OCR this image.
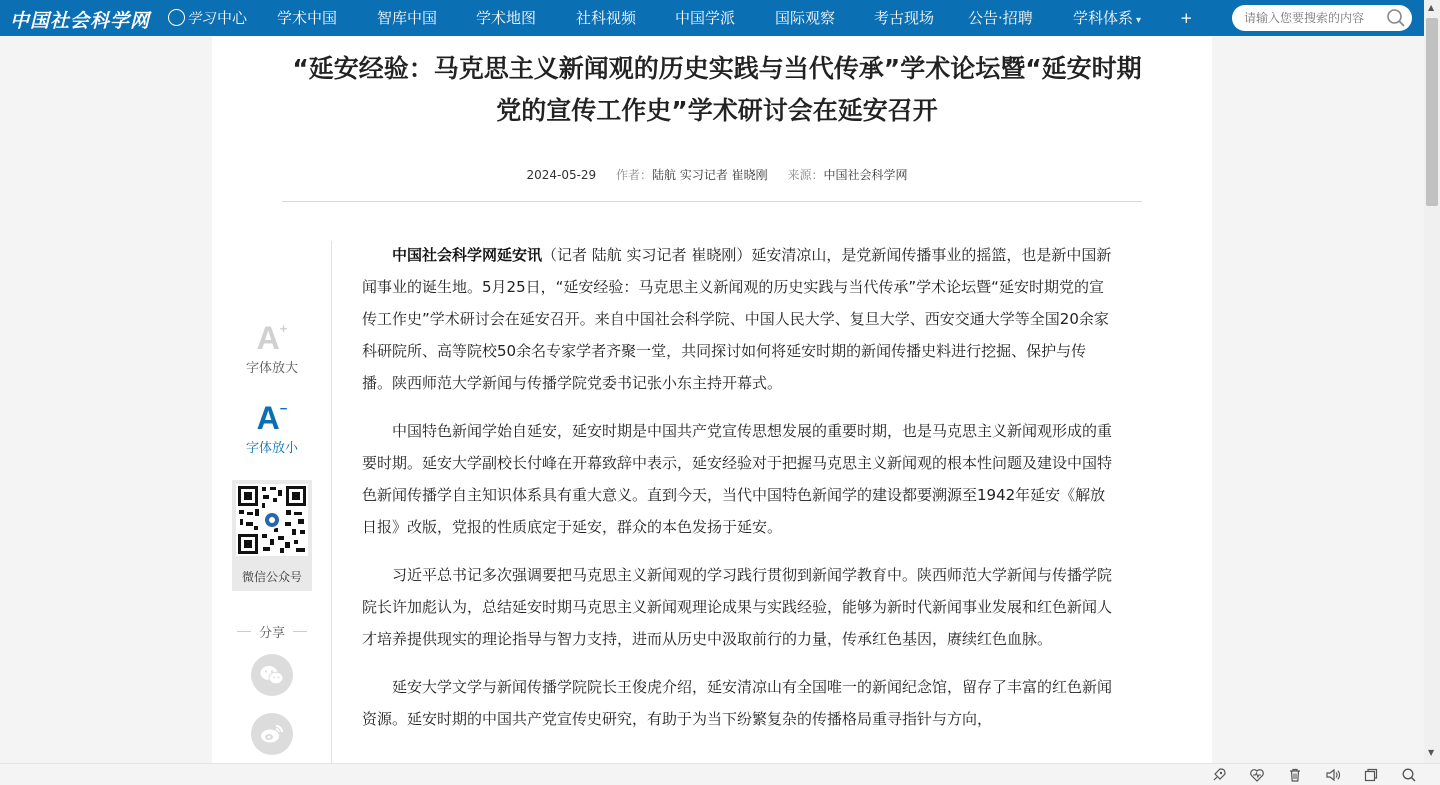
中国社会科学网	学习 中心 学术中国	智库中国	学术地图	社科视频	中国学派	国际观察	考古现场 公告·招聘	学科体系 ▾	+
请输入您要搜索的内容
▲
▼
“延安经验：马克思主义新闻观的历史实践与当代传承”学术论坛暨“延安时期党的宣传工作史”学术研讨会在延安召开
2024-05-29 作者：陆航 实习记者 崔晓刚 来源：中国社会科学网
A+
字体放大
A−
字体放小
微信公众号
分享

中国社会科学网延安讯（记者 陆航 实习记者 崔晓刚）延安清凉山，是党新闻传播事业的摇篮，也是新中国新闻事业的诞生地。5月25日，“延安经验：马克思主义新闻观的历史实践与当代传承”学术论坛暨“延安时期党的宣传工作史”学术研讨会在延安召开。来自中国社会科学院、中国人民大学、复旦大学、西安交通大学等全国20余家科研院所、高等院校50余名专家学者齐聚一堂，共同探讨如何将延安时期的新闻传播史料进行挖掘、保护与传播。陕西师范大学新闻与传播学院党委书记张小东主持开幕式。

中国特色新闻学始自延安，延安时期是中国共产党宣传思想发展的重要时期，也是马克思主义新闻观形成的重要时期。延安大学副校长付峰在开幕致辞中表示，延安经验对于把握马克思主义新闻观的根本性问题及建设中国特色新闻传播学自主知识体系具有重大意义。直到今天，当代中国特色新闻学的建设都要溯源至1942年延安《解放日报》改版，党报的性质底定于延安，群众的本色发扬于延安。

习近平总书记多次强调要把马克思主义新闻观的学习践行贯彻到新闻学教育中。陕西师范大学新闻与传播学院院长许加彪认为，总结延安时期马克思主义新闻观理论成果与实践经验，能够为新时代新闻事业发展和红色新闻人才培养提供现实的理论指导与智力支持，进而从历史中汲取前行的力量，传承红色基因，赓续红色血脉。

延安大学文学与新闻传播学院院长王俊虎介绍，延安清凉山有全国唯一的新闻纪念馆，留存了丰富的红色新闻资源。延安时期的中国共产党宣传史研究，有助于为当下纷繁复杂的传播格局重寻指针与方向，
